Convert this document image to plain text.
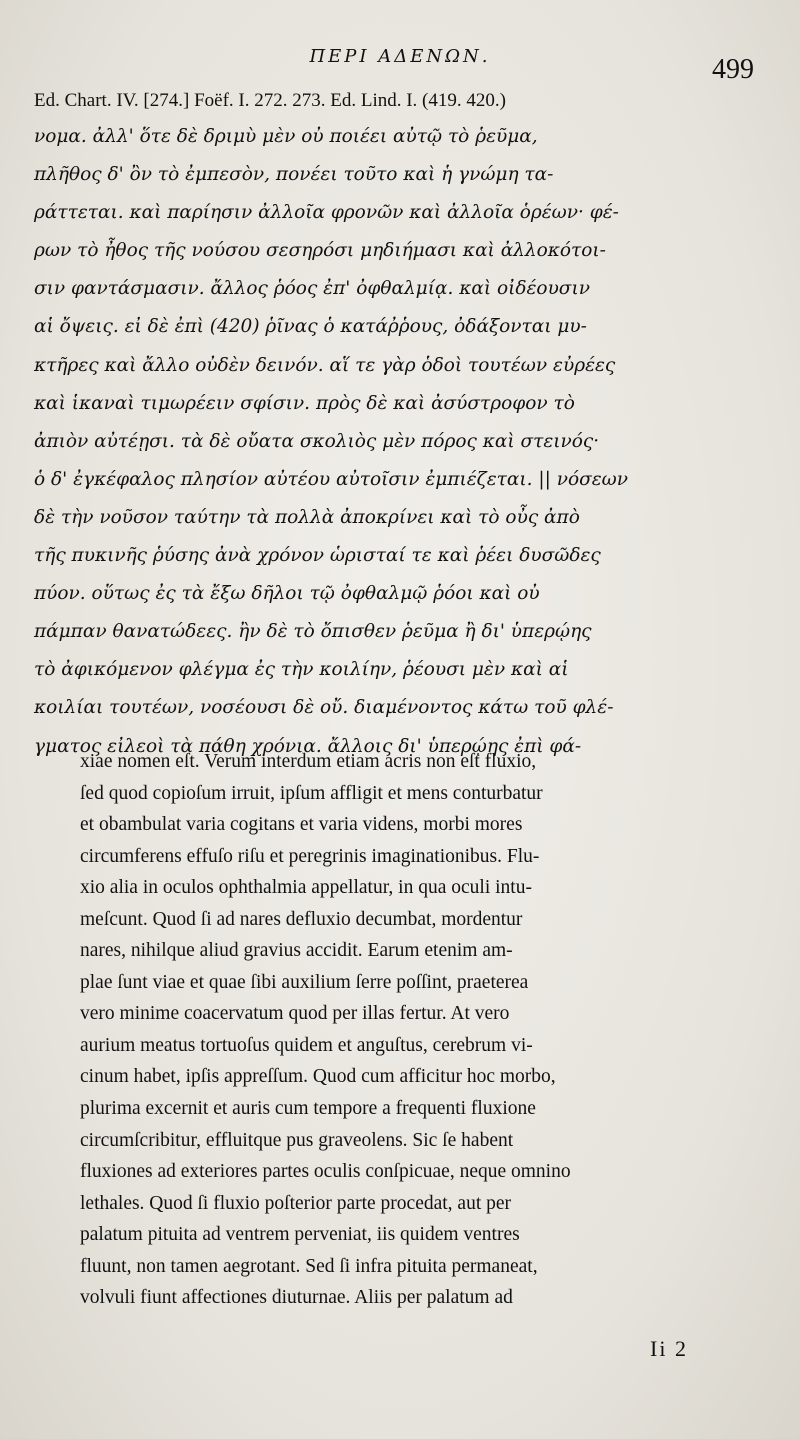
ΠΕΡΙ ΑΔΕΝΩΝ.	499
Ed. Chart. IV. [274.] Foëf. I. 272. 273. Ed. Lind. I. (419. 420.)
νομα. ἀλλ' ὅτε δὲ δριμὺ μὲν οὐ ποιέει αὐτῷ τὸ ῥεῦμα,
πλῆθος δ' ὂν τὸ ἐμπεσὸν, πονέει τοῦτο καὶ ἡ γνώμη τα-
ράττεται. καὶ παρίησιν ἀλλοῖα φρονῶν καὶ ἀλλοῖα ὁρέων· φέ-
ρων τὸ ἦθος τῆς νούσου σεσηρόσι μηδιήμασι καὶ ἀλλοκότοι-
σιν φαντάσμασιν. ἄλλος ῥόος ἐπ' ὀφθαλμίᾳ. καὶ οἰδέουσιν
αἱ ὄψεις. εἰ δὲ ἐπὶ (420) ῥῖνας ὁ κατάῤῥους, ὀδάξονται μυ-
κτῆρες καὶ ἄλλο οὐδὲν δεινόν. αἵ τε γὰρ ὁδοὶ τουτέων εὐρέες
καὶ ἱκαναὶ τιμωρέειν σφίσιν. πρὸς δὲ καὶ ἀσύστροφον τὸ
ἀπιὸν αὐτέῃσι. τὰ δὲ οὔατα σκολιὸς μὲν πόρος καὶ στεινός·
ὁ δ' ἐγκέφαλος πλησίον αὐτέου αὐτοῖσιν ἐμπιέζεται. || νόσεων
δὲ τὴν νοῦσον ταύτην τὰ πολλὰ ἀποκρίνει καὶ τὸ οὖς ἀπὸ
τῆς πυκινῆς ῥύσης ἀνὰ χρόνον ὡρισταί τε καὶ ῥέει δυσῶδες
πύον. οὕτως ἐς τὰ ἔξω δῆλοι τῷ ὀφθαλμῷ ῥόοι καὶ οὐ
πάμπαν θανατώδεες. ἢν δὲ τὸ ὄπισθεν ῥεῦμα ἢ δι' ὑπερῴης
τὸ ἀφικόμενον φλέγμα ἐς τὴν κοιλίην, ῥέουσι μὲν καὶ αἱ
κοιλίαι τουτέων, νοσέουσι δὲ οὔ. διαμένοντος κάτω τοῦ φλέ-
γματος εἰλεοὶ τὰ πάθη χρόνια. ἄλλοις δι' ὑπερῴης ἐπὶ φά-
xiae nomen eſt. Verum interdum etiam acris non eſt fluxio,
ſed quod copioſum irruit, ipſum affligit et mens conturbatur
et obambulat varia cogitans et varia videns, morbi mores
circumferens effuſo riſu et peregrinis imaginationibus. Flu-
xio alia in oculos ophthalmia appellatur, in qua oculi intu-
meſcunt. Quod ſi ad nares defluxio decumbat, mordentur
nares, nihilque aliud gravius accidit. Earum etenim am-
plae ſunt viae et quae ſibi auxilium ſerre poſſint, praeterea
vero minime coacervatum quod per illas fertur. At vero
aurium meatus tortuoſus quidem et anguſtus, cerebrum vi-
cinum habet, ipſis appreſſum. Quod cum afficitur hoc morbo,
plurima excernit et auris cum tempore a frequenti fluxione
circumſcribitur, effluitque pus graveolens. Sic ſe habent
fluxiones ad exteriores partes oculis conſpicuae, neque omnino
lethales. Quod ſi fluxio poſterior parte procedat, aut per
palatum pituita ad ventrem perveniat, iis quidem ventres
fluunt, non tamen aegrotant. Sed ſi infra pituita permaneat,
volvuli fiunt affectiones diuturnae. Aliis per palatum ad
Ii 2
